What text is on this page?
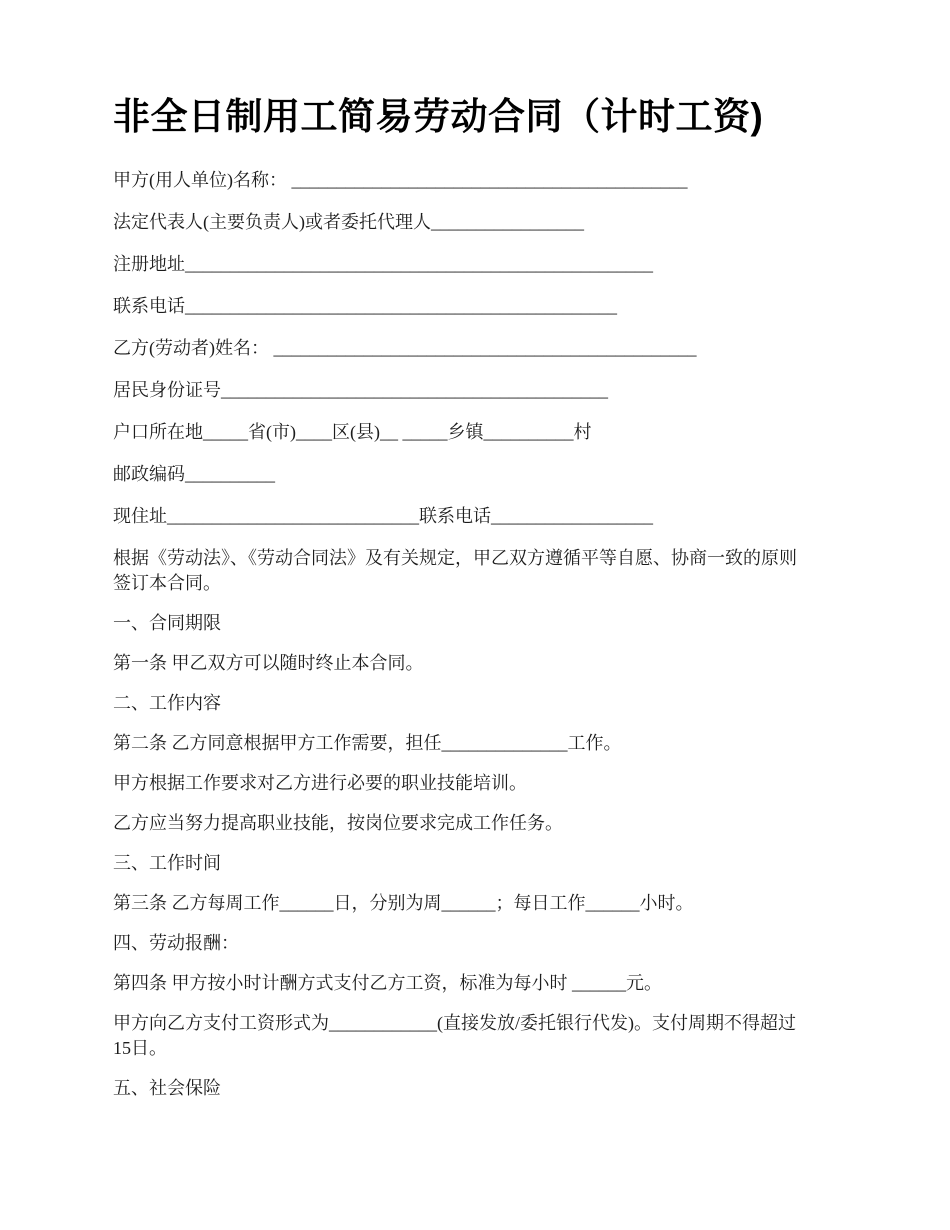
非全日制用工简易劳动合同（计时工资)

甲方(用人单位)名称： ____________________________________________

法定代表人(主要负责人)或者委托代理人_________________

注册地址____________________________________________________

联系电话________________________________________________

乙方(劳动者)姓名： _______________________________________________

居民身份证号___________________________________________

户口所在地_____省(市)____区(县)__ _____乡镇__________村

邮政编码__________

现住址____________________________联系电话__________________

根据《劳动法》、《劳动合同法》及有关规定，甲乙双方遵循平等自愿、协商一致的原则

签订本合同。

一、合同期限

第一条 甲乙双方可以随时终止本合同。

二、工作内容

第二条 乙方同意根据甲方工作需要，担任______________工作。

甲方根据工作要求对乙方进行必要的职业技能培训。

乙方应当努力提高职业技能，按岗位要求完成工作任务。

三、工作时间

第三条 乙方每周工作______日，分别为周______；每日工作______小时。

四、劳动报酬：

第四条 甲方按小时计酬方式支付乙方工资，标准为每小时 ______元。

甲方向乙方支付工资形式为____________(直接发放/委托银行代发)。支付周期不得超过

15日。

五、社会保险
